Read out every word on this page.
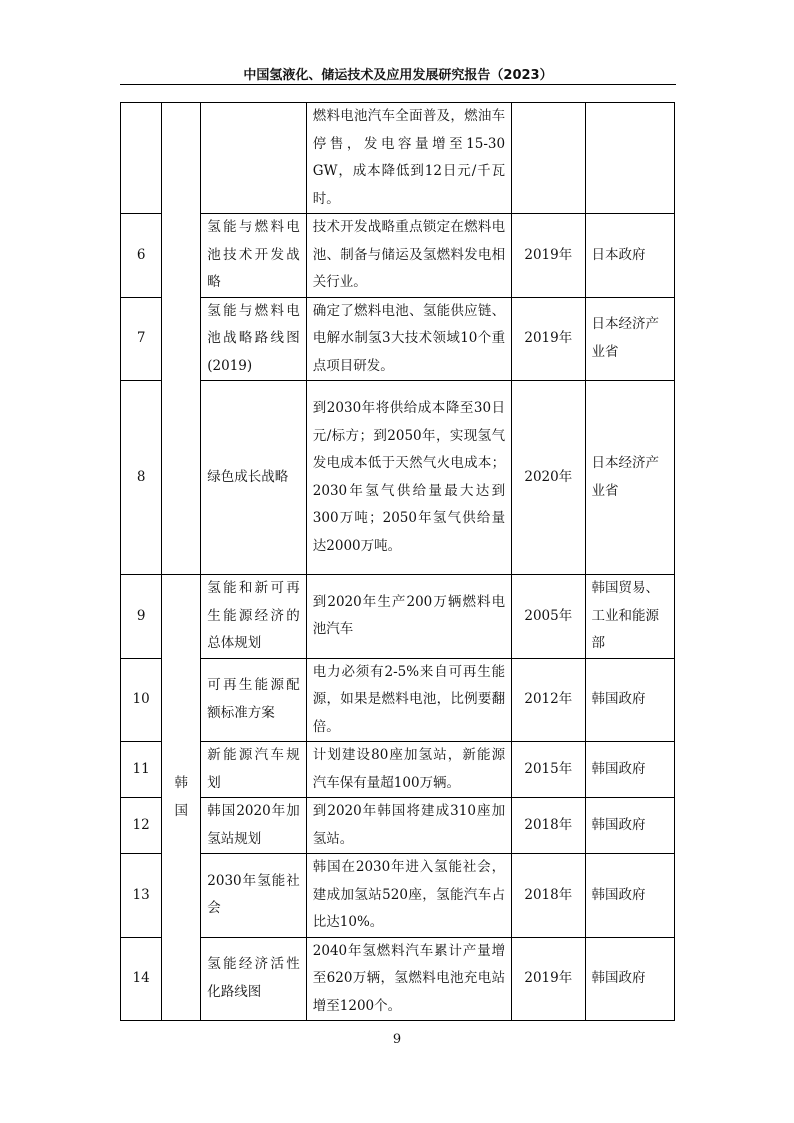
中国氢液化、储运技术及应用发展研究报告（2023）
			燃料电池汽车全面普及，燃油车停售，发电容量增至15-30 GW，成本降低到12日元/千瓦时。		
6		氢能与燃料电池技术开发战略	技术开发战略重点锁定在燃料电池、制备与储运及氢燃料发电相关行业。	2019年	日本政府
7		氢能与燃料电池战略路线图(2019)	确定了燃料电池、氢能供应链、电解水制氢3大技术领域10个重点项目研发。	2019年	日本经济产业省
8		绿色成长战略	到2030年将供给成本降至30日元/标方；到2050年，实现氢气发电成本低于天然气火电成本；2030年氢气供给量最大达到300万吨；2050年氢气供给量达2000万吨。	2020年	日本经济产业省
9	韩国	氢能和新可再生能源经济的总体规划	到2020年生产200万辆燃料电池汽车	2005年	韩国贸易、工业和能源部
10		可再生能源配额标准方案	电力必须有2-5%来自可再生能源，如果是燃料电池，比例要翻倍。	2012年	韩国政府
11		新能源汽车规划	计划建设80座加氢站，新能源汽车保有量超100万辆。	2015年	韩国政府
12		韩国2020年加氢站规划	到2020年韩国将建成310座加氢站。	2018年	韩国政府
13		2030年氢能社会	韩国在2030年进入氢能社会，建成加氢站520座，氢能汽车占比达10%。	2018年	韩国政府
14		氢能经济活性化路线图	2040年氢燃料汽车累计产量增至620万辆，氢燃料电池充电站增至1200个。	2019年	韩国政府
9
